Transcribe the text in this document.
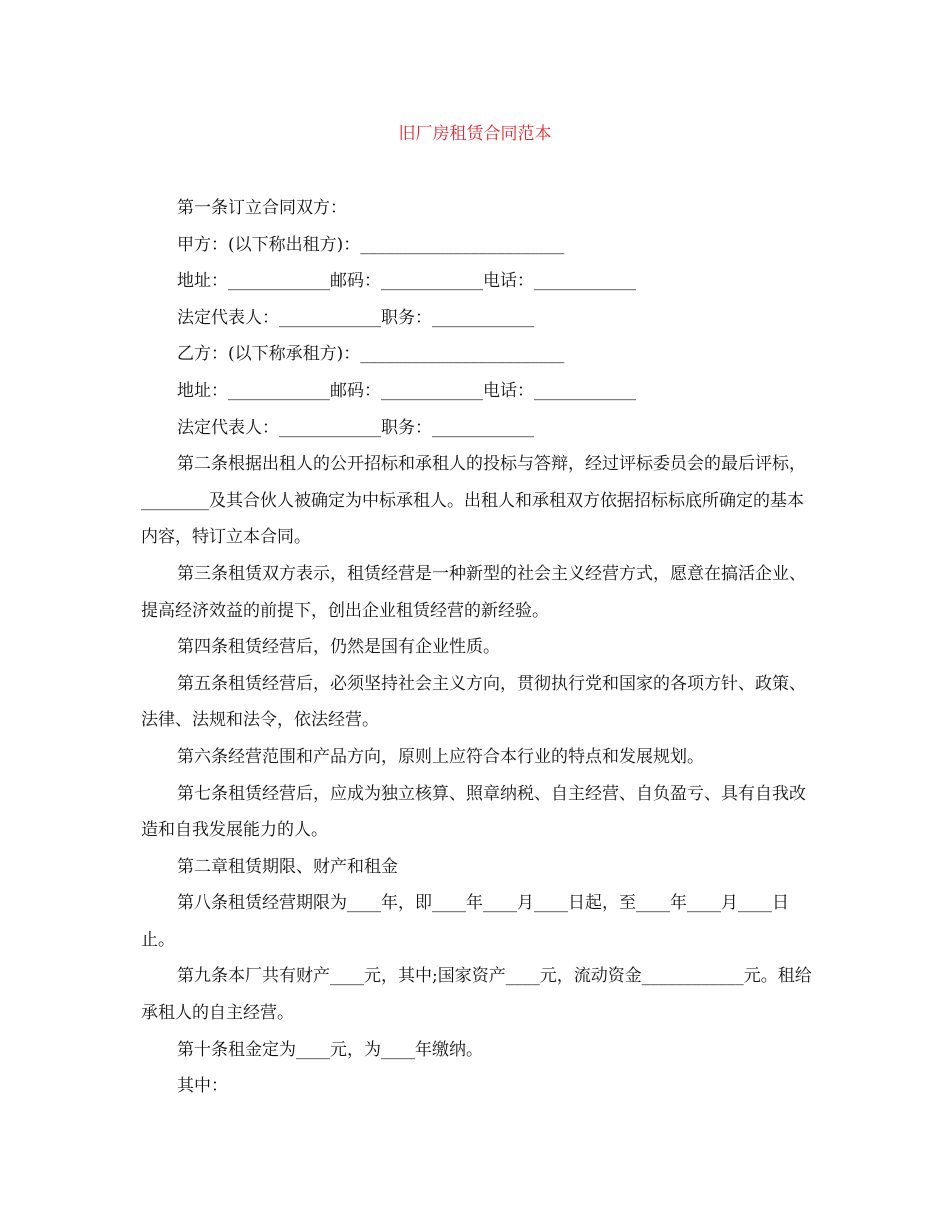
旧厂房租赁合同范本

第一条订立合同双方：

甲方：(以下称出租方)：________________________

地址：____________邮码：____________电话：____________

法定代表人：____________职务：____________

乙方：(以下称承租方)：________________________

地址：____________邮码：____________电话：____________

法定代表人：____________职务：____________

第二条根据出租人的公开招标和承租人的投标与答辩，经过评标委员会的最后评标，________及其合伙人被确定为中标承租人。出租人和承租双方依据招标标底所确定的基本内容，特订立本合同。

第三条租赁双方表示，租赁经营是一种新型的社会主义经营方式，愿意在搞活企业、提高经济效益的前提下，创出企业租赁经营的新经验。

第四条租赁经营后，仍然是国有企业性质。

第五条租赁经营后，必须坚持社会主义方向，贯彻执行党和国家的各项方针、政策、法律、法规和法令，依法经营。

第六条经营范围和产品方向，原则上应符合本行业的特点和发展规划。

第七条租赁经营后，应成为独立核算、照章纳税、自主经营、自负盈亏、具有自我改造和自我发展能力的人。

第二章租赁期限、财产和租金

第八条租赁经营期限为____年，即____年____月____日起，至____年____月____日止。

第九条本厂共有财产____元，其中;国家资产____元，流动资金____________元。租给承租人的自主经营。

第十条租金定为____元，为____年缴纳。

其中：
